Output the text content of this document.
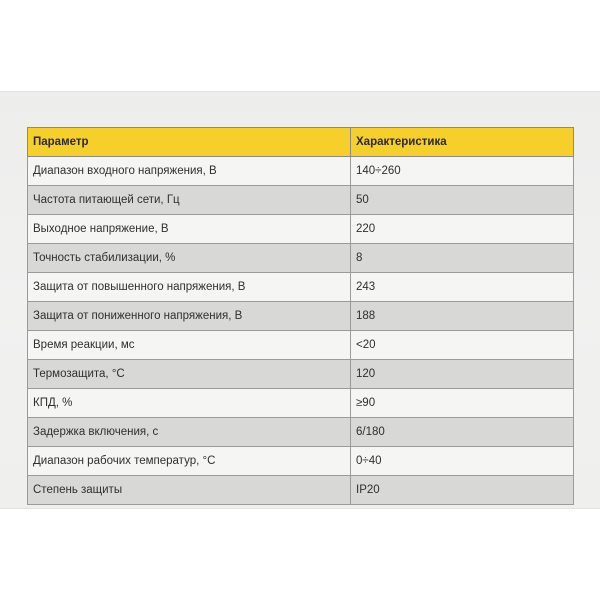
Параметр	Характеристика
Диапазон входного напряжения, В	140÷260
Частота питающей сети, Гц	50
Выходное напряжение, В	220
Точность стабилизации, %	8
Защита от повышенного напряжения, В	243
Защита от пониженного напряжения, В	188
Время реакции, мс	<20
Термозащита, °С	120
КПД, %	≥90
Задержка включения, с	6/180
Диапазон рабочих температур, °С	0÷40
Степень защиты	IP20
